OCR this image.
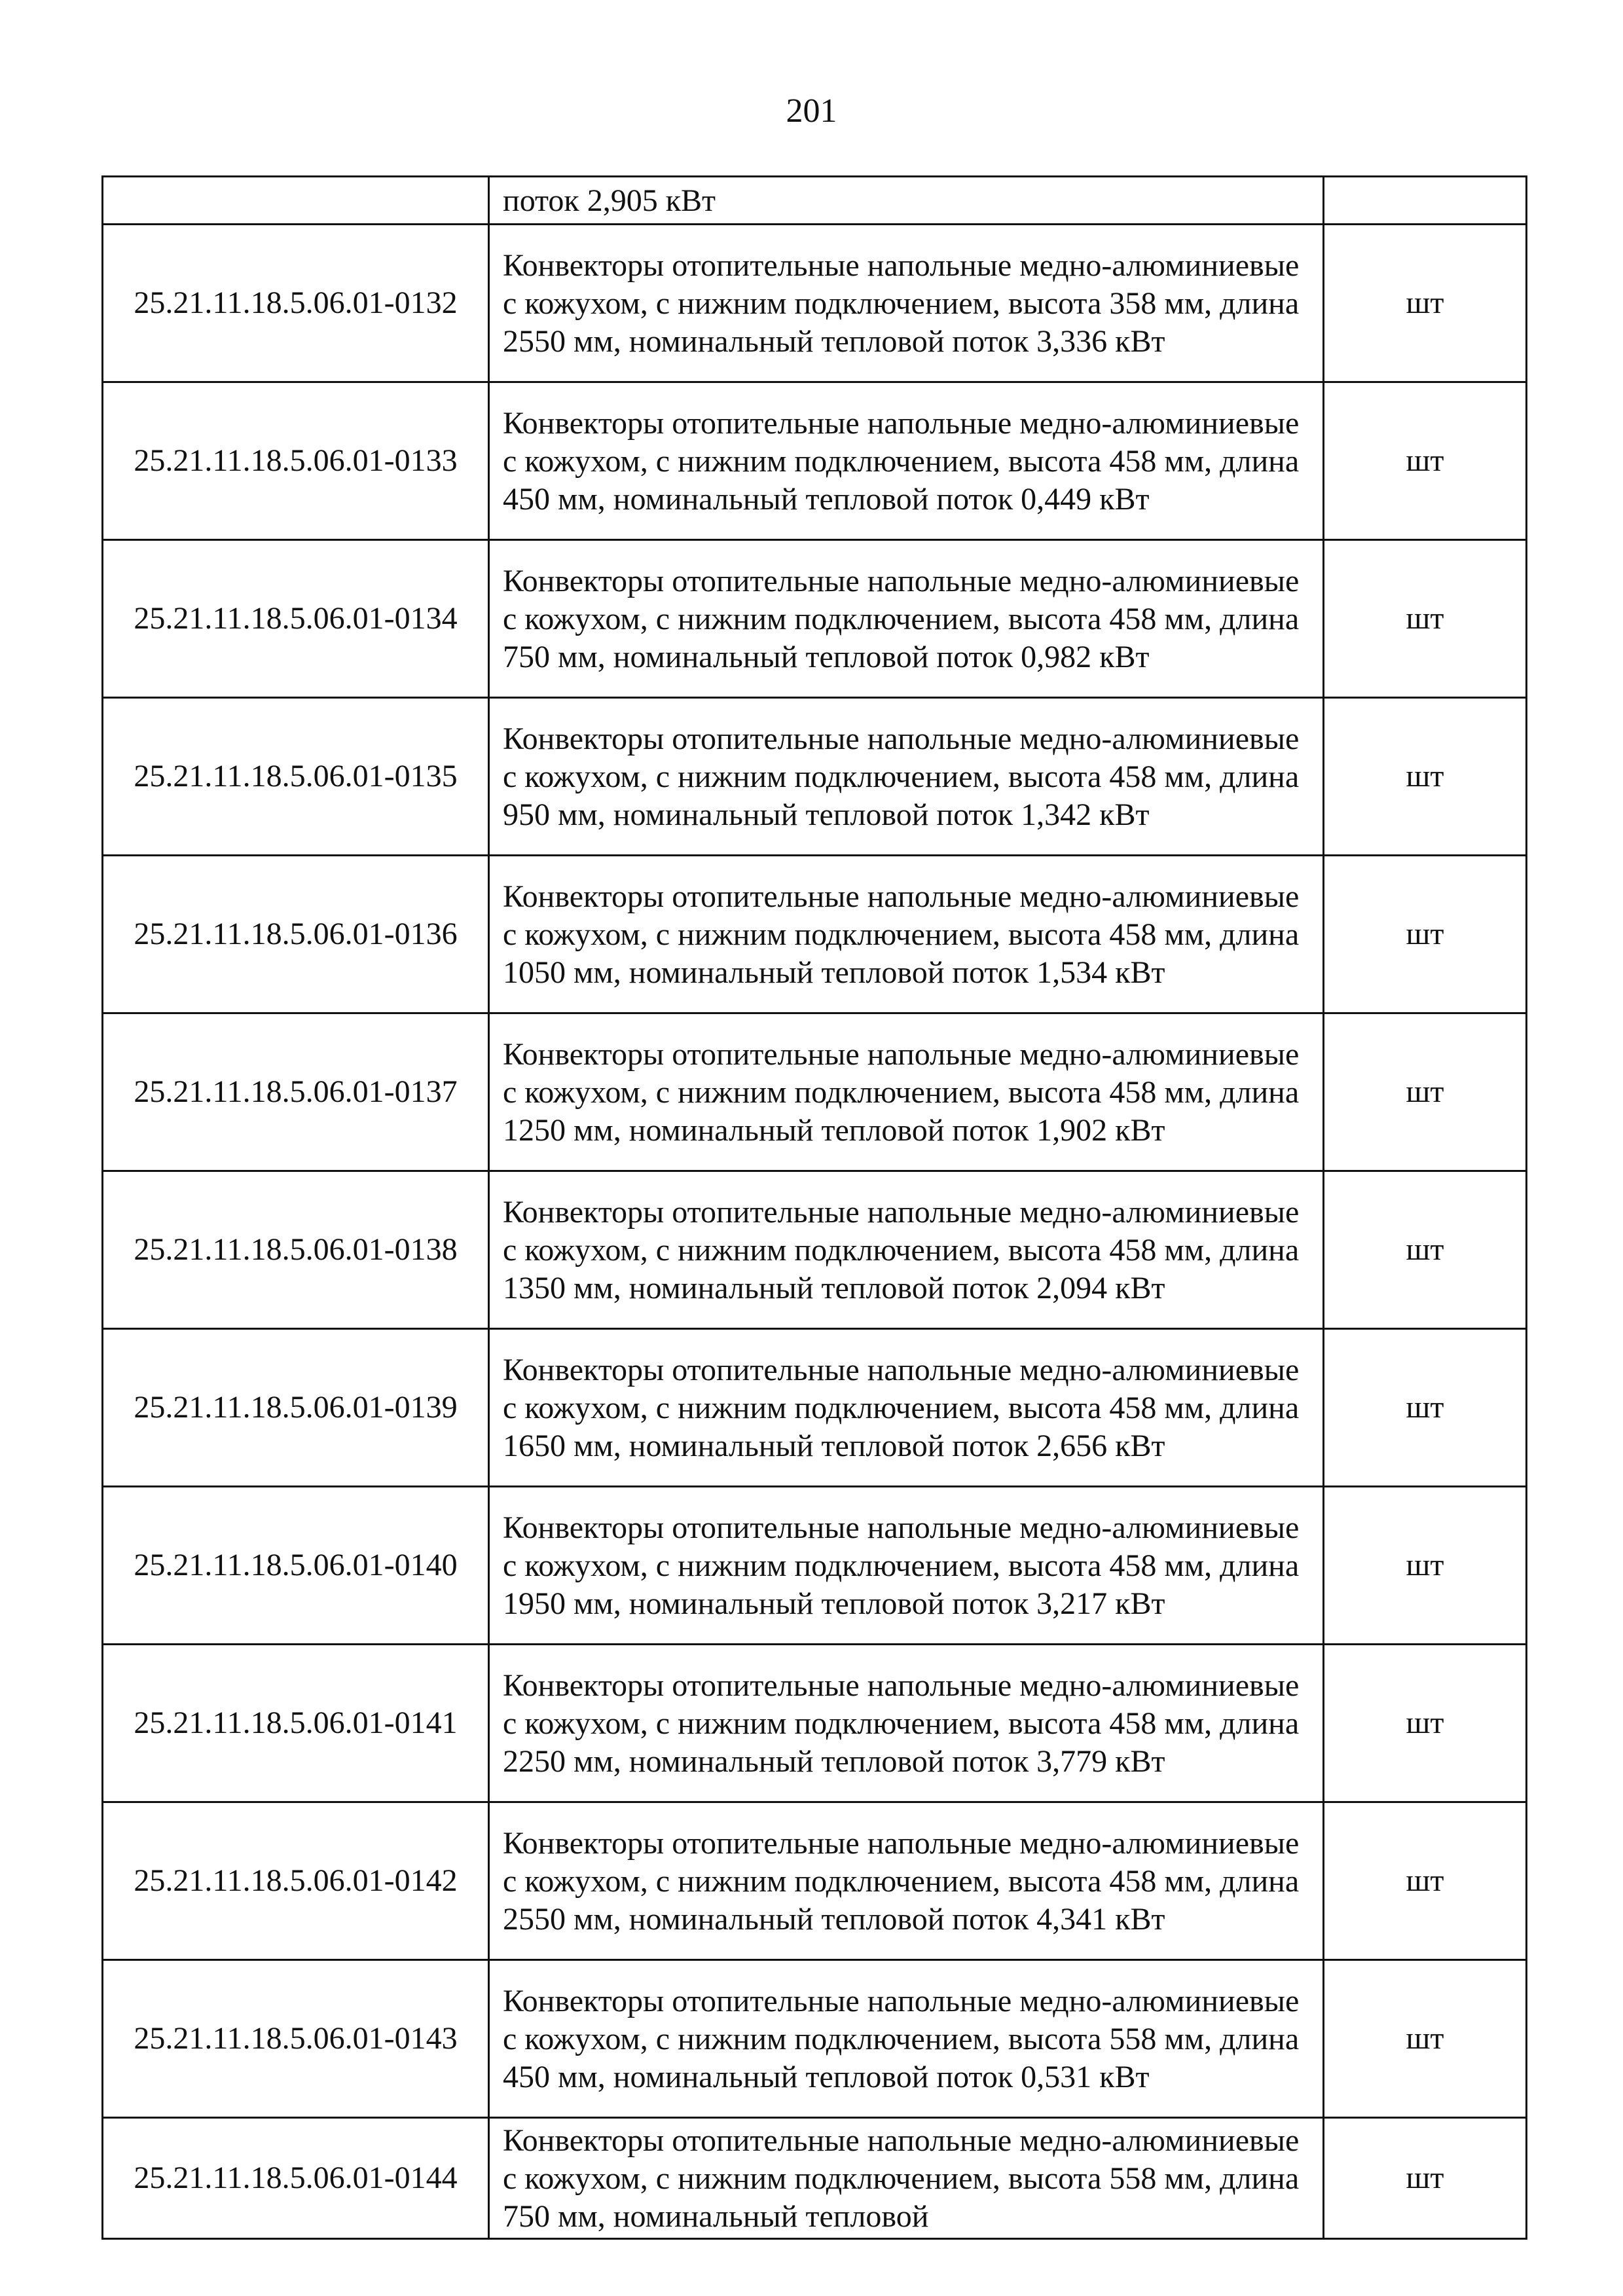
201
	поток 2,905 кВт	
25.21.11.18.5.06.01-0132	Конвекторы отопительные напольные медно-алюминиевые с кожухом, с нижним подключением, высота 358 мм, длина 2550 мм, номинальный тепловой поток 3,336 кВт	шт
25.21.11.18.5.06.01-0133	Конвекторы отопительные напольные медно-алюминиевые с кожухом, с нижним подключением, высота 458 мм, длина 450 мм, номинальный тепловой поток 0,449 кВт	шт
25.21.11.18.5.06.01-0134	Конвекторы отопительные напольные медно-алюминиевые с кожухом, с нижним подключением, высота 458 мм, длина 750 мм, номинальный тепловой поток 0,982 кВт	шт
25.21.11.18.5.06.01-0135	Конвекторы отопительные напольные медно-алюминиевые с кожухом, с нижним подключением, высота 458 мм, длина 950 мм, номинальный тепловой поток 1,342 кВт	шт
25.21.11.18.5.06.01-0136	Конвекторы отопительные напольные медно-алюминиевые с кожухом, с нижним подключением, высота 458 мм, длина 1050 мм, номинальный тепловой поток 1,534 кВт	шт
25.21.11.18.5.06.01-0137	Конвекторы отопительные напольные медно-алюминиевые с кожухом, с нижним подключением, высота 458 мм, длина 1250 мм, номинальный тепловой поток 1,902 кВт	шт
25.21.11.18.5.06.01-0138	Конвекторы отопительные напольные медно-алюминиевые с кожухом, с нижним подключением, высота 458 мм, длина 1350 мм, номинальный тепловой поток 2,094 кВт	шт
25.21.11.18.5.06.01-0139	Конвекторы отопительные напольные медно-алюминиевые с кожухом, с нижним подключением, высота 458 мм, длина 1650 мм, номинальный тепловой поток 2,656 кВт	шт
25.21.11.18.5.06.01-0140	Конвекторы отопительные напольные медно-алюминиевые с кожухом, с нижним подключением, высота 458 мм, длина 1950 мм, номинальный тепловой поток 3,217 кВт	шт
25.21.11.18.5.06.01-0141	Конвекторы отопительные напольные медно-алюминиевые с кожухом, с нижним подключением, высота 458 мм, длина 2250 мм, номинальный тепловой поток 3,779 кВт	шт
25.21.11.18.5.06.01-0142	Конвекторы отопительные напольные медно-алюминиевые с кожухом, с нижним подключением, высота 458 мм, длина 2550 мм, номинальный тепловой поток 4,341 кВт	шт
25.21.11.18.5.06.01-0143	Конвекторы отопительные напольные медно-алюминиевые с кожухом, с нижним подключением, высота 558 мм, длина 450 мм, номинальный тепловой поток 0,531 кВт	шт
25.21.11.18.5.06.01-0144	Конвекторы отопительные напольные медно-алюминиевые с кожухом, с нижним подключением, высота 558 мм, длина 750 мм, номинальный тепловой	шт
